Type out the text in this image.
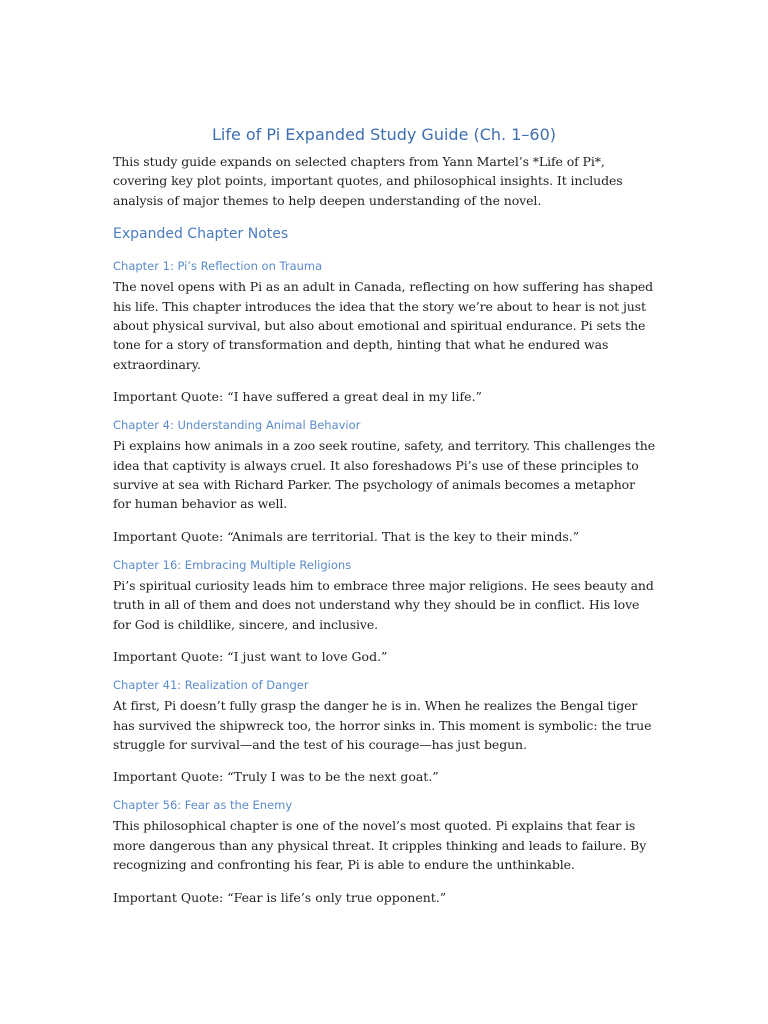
Life of Pi Expanded Study Guide (Ch. 1–60)

This study guide expands on selected chapters from Yann Martel’s *Life of Pi*, covering key plot points, important quotes, and philosophical insights. It includes analysis of major themes to help deepen understanding of the novel.

Expanded Chapter Notes
Chapter 1: Pi’s Reflection on Trauma

The novel opens with Pi as an adult in Canada, reflecting on how suffering has shaped his life. This chapter introduces the idea that the story we’re about to hear is not just about physical survival, but also about emotional and spiritual endurance. Pi sets the tone for a story of transformation and depth, hinting that what he endured was extraordinary.

Important Quote: “I have suffered a great deal in my life.”

Chapter 4: Understanding Animal Behavior

Pi explains how animals in a zoo seek routine, safety, and territory. This challenges the idea that captivity is always cruel. It also foreshadows Pi’s use of these principles to survive at sea with Richard Parker. The psychology of animals becomes a metaphor for human behavior as well.

Important Quote: “Animals are territorial. That is the key to their minds.”

Chapter 16: Embracing Multiple Religions

Pi’s spiritual curiosity leads him to embrace three major religions. He sees beauty and truth in all of them and does not understand why they should be in conflict. His love for God is childlike, sincere, and inclusive.

Important Quote: “I just want to love God.”

Chapter 41: Realization of Danger

At first, Pi doesn’t fully grasp the danger he is in. When he realizes the Bengal tiger has survived the shipwreck too, the horror sinks in. This moment is symbolic: the true struggle for survival—and the test of his courage—has just begun.

Important Quote: “Truly I was to be the next goat.”

Chapter 56: Fear as the Enemy

This philosophical chapter is one of the novel’s most quoted. Pi explains that fear is more dangerous than any physical threat. It cripples thinking and leads to failure. By recognizing and confronting his fear, Pi is able to endure the unthinkable.

Important Quote: “Fear is life’s only true opponent.”
